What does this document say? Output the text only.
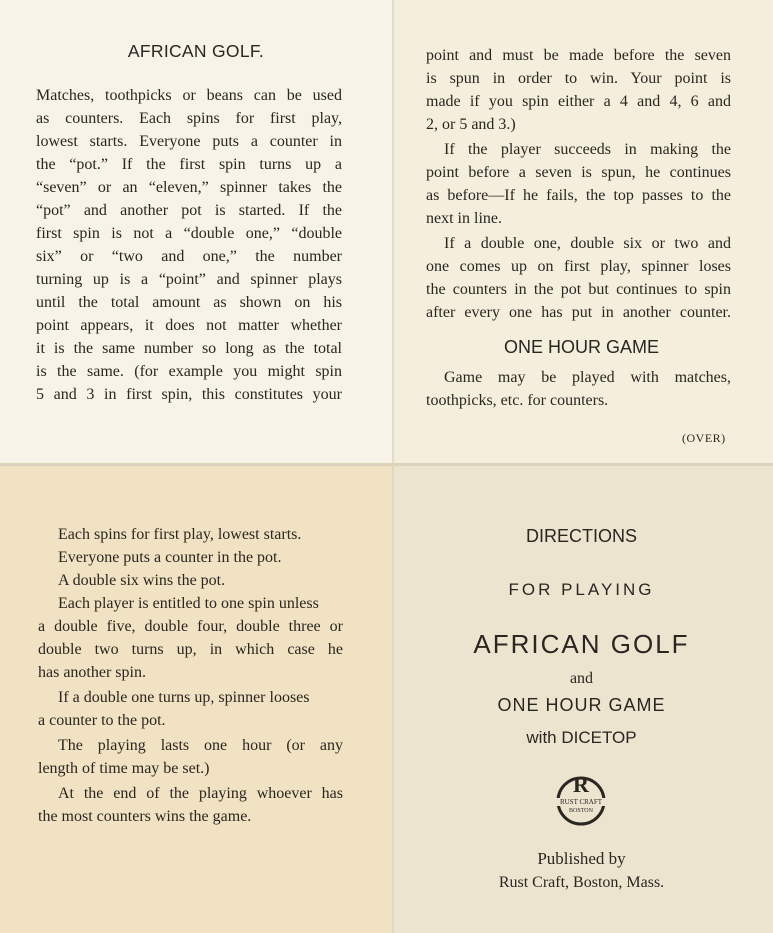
AFRICAN GOLF.
Matches, toothpicks or beans can be used
as counters. Each spins for first play,
lowest starts. Everyone puts a counter in
the “pot.” If the first spin turns up a
“seven” or an “eleven,” spinner takes the
“pot” and another pot is started. If the
first spin is not a “double one,” “double
six” or “two and one,” the number
turning up is a “point” and spinner plays
until the total amount as shown on his
point appears, it does not matter whether
it is the same number so long as the total
is the same. (for example you might spin
5 and 3 in first spin, this constitutes your
point and must be made before the seven
is spun in order to win. Your point is
made if you spin either a 4 and 4, 6 and
2, or 5 and 3.)
If the player succeeds in making the
point before a seven is spun, he continues
as before—If he fails, the top passes to the
next in line.
If a double one, double six or two and
one comes up on first play, spinner loses
the counters in the pot but continues to spin
after every one has put in another counter.
ONE HOUR GAME
Game may be played with matches,
toothpicks, etc. for counters.
(OVER)
Each spins for first play, lowest starts.
Everyone puts a counter in the pot.
A double six wins the pot.
Each player is entitled to one spin unless
a double five, double four, double three or
double two turns up, in which case he
has another spin.
If a double one turns up, spinner looses
a counter to the pot.
The playing lasts one hour (or any
length of time may be set.)
At the end of the playing whoever has
the most counters wins the game.
DIRECTIONS
FOR PLAYING
AFRICAN GOLF
and
ONE HOUR GAME
with DICETOP
R
RUST CRAFT
BOSTON
Published by
Rust Craft, Boston, Mass.
